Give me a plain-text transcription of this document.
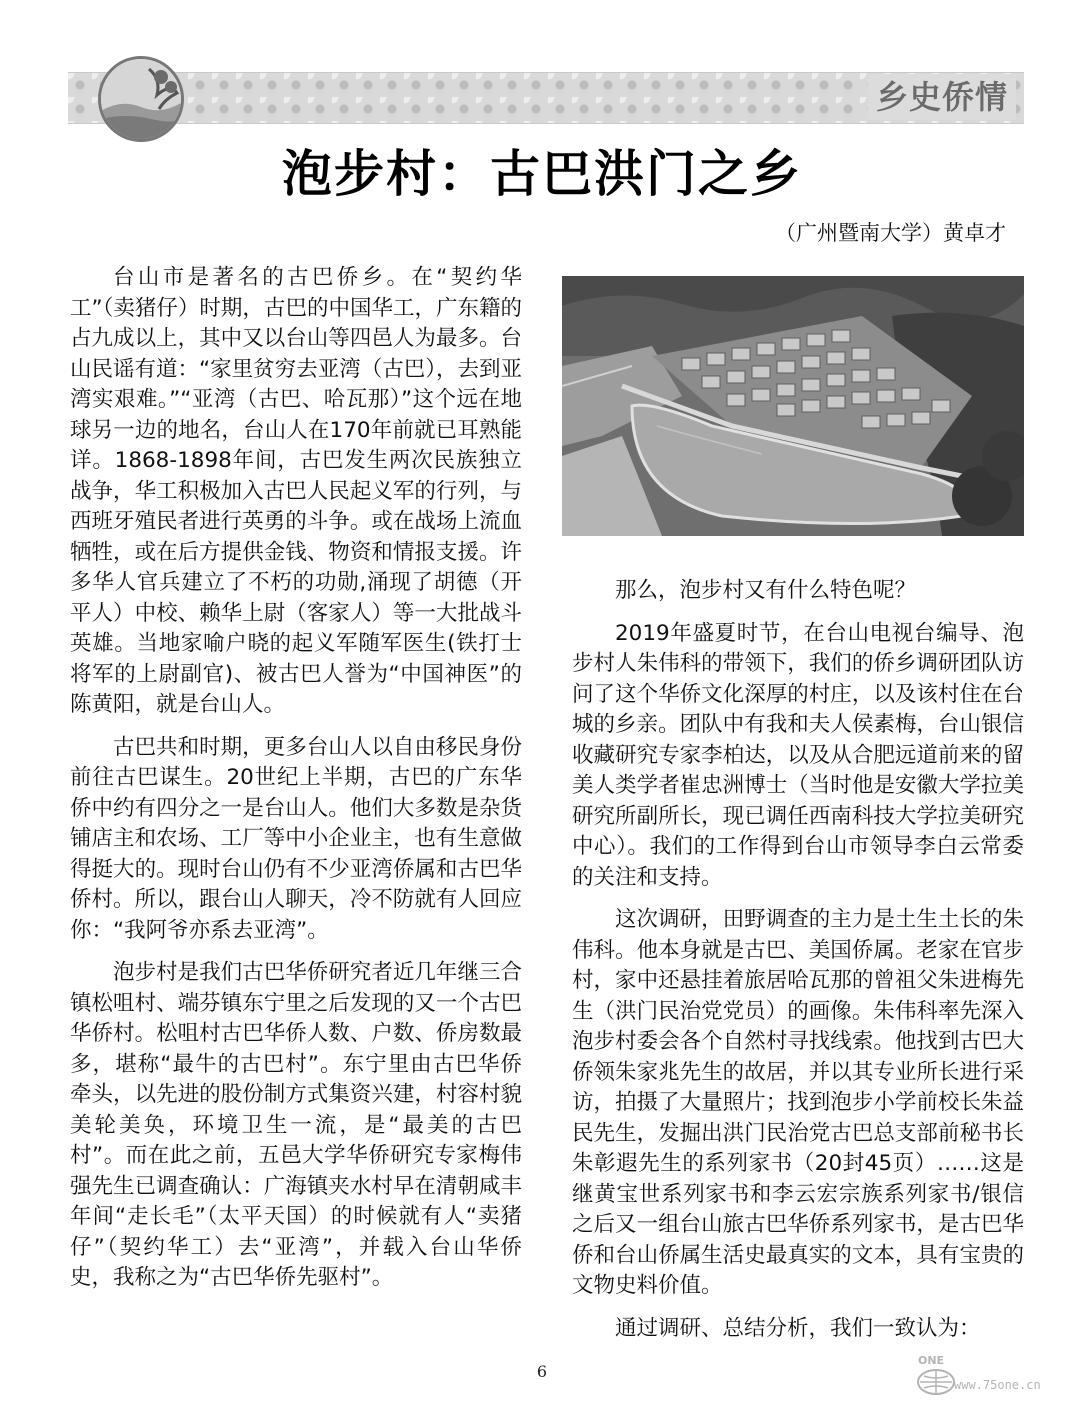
乡史侨情
泡步村：古巴洪门之乡
（广州暨南大学）黄卓才

台山市是著名的古巴侨乡。在“契约华工”（卖猪仔）时期，古巴的中国华工，广东籍的占九成以上，其中又以台山等四邑人为最多。台山民谣有道：“家里贫穷去亚湾（古巴），去到亚湾实艰难。”“亚湾（古巴、哈瓦那）”这个远在地球另一边的地名，台山人在170年前就已耳熟能详。1868-1898年间，古巴发生两次民族独立战争，华工积极加入古巴人民起义军的行列，与西班牙殖民者进行英勇的斗争。或在战场上流血牺牲，或在后方提供金钱、物资和情报支援。许多华人官兵建立了不朽的功勋,涌现了胡德（开平人）中校、赖华上尉（客家人）等一大批战斗英雄。当地家喻户晓的起义军随军医生(铁打士将军的上尉副官)、被古巴人誉为“中国神医”的陈黄阳，就是台山人。

古巴共和时期，更多台山人以自由移民身份前往古巴谋生。20世纪上半期，古巴的广东华侨中约有四分之一是台山人。他们大多数是杂货铺店主和农场、工厂等中小企业主，也有生意做得挺大的。现时台山仍有不少亚湾侨属和古巴华侨村。所以，跟台山人聊天，冷不防就有人回应你：“我阿爷亦系去亚湾”。

泡步村是我们古巴华侨研究者近几年继三合镇松咀村、端芬镇东宁里之后发现的又一个古巴华侨村。松咀村古巴华侨人数、户数、侨房数最多，堪称“最牛的古巴村”。东宁里由古巴华侨牵头，以先进的股份制方式集资兴建，村容村貌美轮美奂，环境卫生一流，是“最美的古巴村”。而在此之前，五邑大学华侨研究专家梅伟强先生已调查确认：广海镇夹水村早在清朝咸丰年间“走长毛”（太平天国）的时候就有人“卖猪仔”（契约华工）去“亚湾”，并载入台山华侨史，我称之为“古巴华侨先驱村”。

那么，泡步村又有什么特色呢？

2019年盛夏时节，在台山电视台编导、泡步村人朱伟科的带领下，我们的侨乡调研团队访问了这个华侨文化深厚的村庄，以及该村住在台城的乡亲。团队中有我和夫人侯素梅，台山银信收藏研究专家李柏达，以及从合肥远道前来的留美人类学者崔忠洲博士（当时他是安徽大学拉美研究所副所长，现已调任西南科技大学拉美研究中心）。我们的工作得到台山市领导李白云常委的关注和支持。

这次调研，田野调查的主力是土生土长的朱伟科。他本身就是古巴、美国侨属。老家在官步村，家中还悬挂着旅居哈瓦那的曾祖父朱进梅先生（洪门民治党党员）的画像。朱伟科率先深入泡步村委会各个自然村寻找线索。他找到古巴大侨领朱家兆先生的故居，并以其专业所长进行采访，拍摄了大量照片；找到泡步小学前校长朱益民先生，发掘出洪门民治党古巴总支部前秘书长朱彰遐先生的系列家书（20封45页）……这是继黄宝世系列家书和李云宏宗族系列家书/银信之后又一组台山旅古巴华侨系列家书，是古巴华侨和台山侨属生活史最真实的文本，具有宝贵的文物史料价值。

通过调研、总结分析，我们一致认为：

6
ONE
www.75one.cn
